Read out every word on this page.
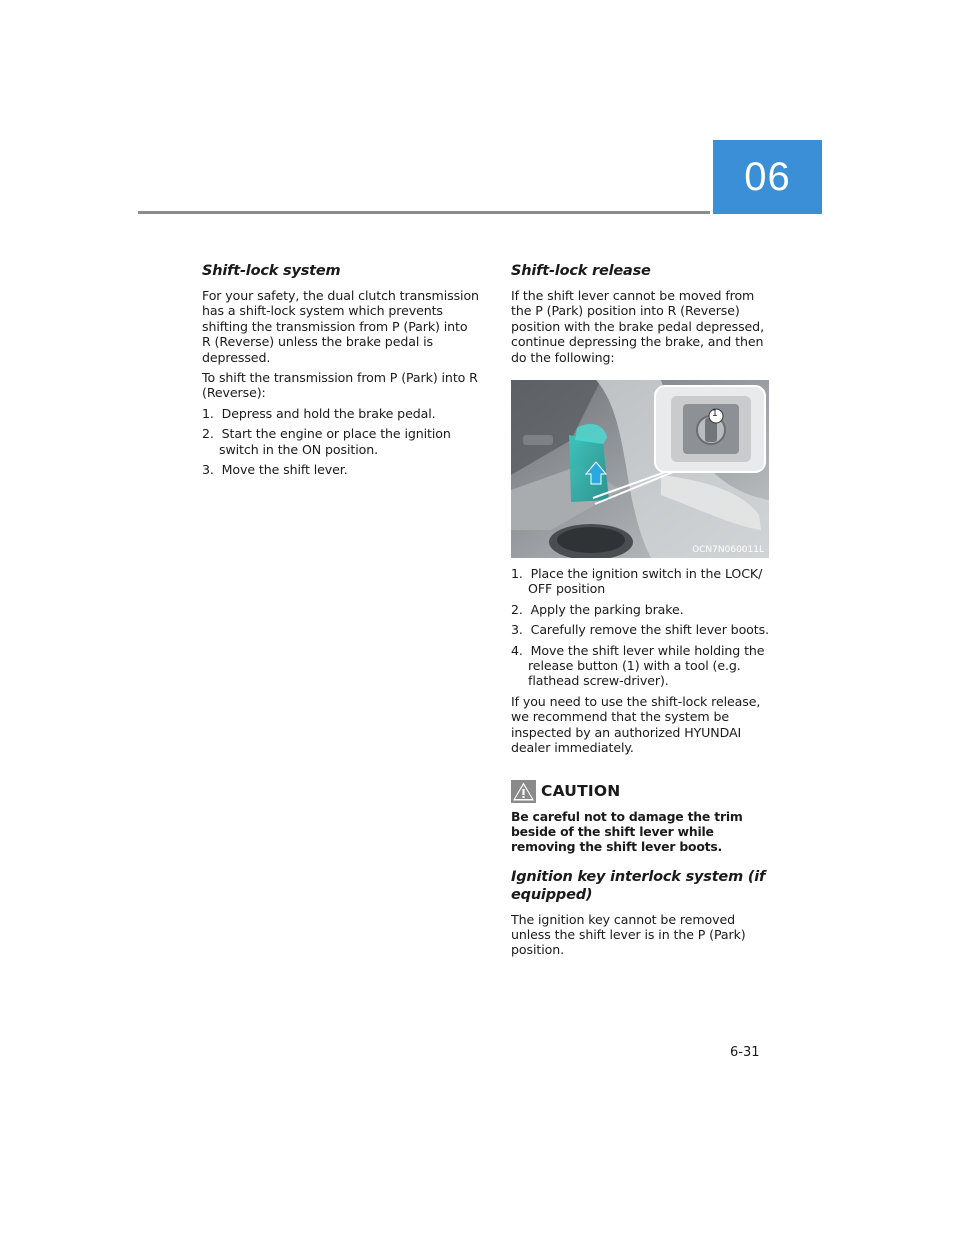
06
Shift-lock system

For your safety, the dual clutch transmission has a shift-lock system which prevents shifting the transmission from P (Park) into R (Reverse) unless the brake pedal is depressed.

To shift the transmission from P (Park) into R (Reverse):

1.  Depress and hold the brake pedal.
2.  Start the engine or place the ignition switch in the ON position.
3.  Move the shift lever.
Shift-lock release

If the shift lever cannot be moved from the P (Park) position into R (Reverse) position with the brake pedal depressed, continue depressing the brake, and then do the following:

OCN7N060011L
1
1.  Place the ignition switch in the LOCK/ OFF position
2.  Apply the parking brake.
3.  Carefully remove the shift lever boots.
4.  Move the shift lever while holding the release button (1) with a tool (e.g. flathead screw-driver).

If you need to use the shift-lock release, we recommend that the system be inspected by an authorized HYUNDAI dealer immediately.

CAUTION

Be careful not to damage the trim beside of the shift lever while removing the shift lever boots.

Ignition key interlock system (if equipped)

The ignition key cannot be removed unless the shift lever is in the P (Park) position.

6-31
